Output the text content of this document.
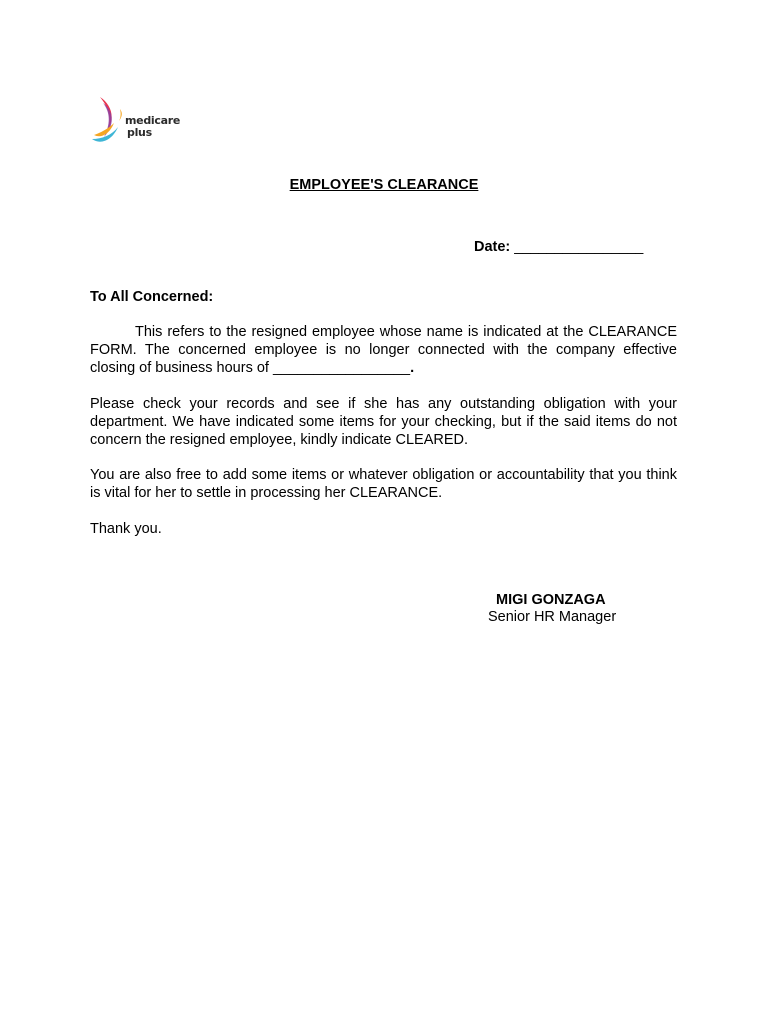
medicare
plus
EMPLOYEE'S CLEARANCE
Date: ________________
To All Concerned:

This refers to the resigned employee whose name is indicated at the CLEARANCE FORM. The concerned employee is no longer connected with the company effective closing of business hours of _________________.

Please check your records and see if she has any outstanding obligation with your department. We have indicated some items for your checking, but if the said items do not concern the resigned employee, kindly indicate CLEARED.

You are also free to add some items or whatever obligation or accountability that you think is vital for her to settle in processing her CLEARANCE.

Thank you.

MIGI GONZAGA
Senior HR Manager
